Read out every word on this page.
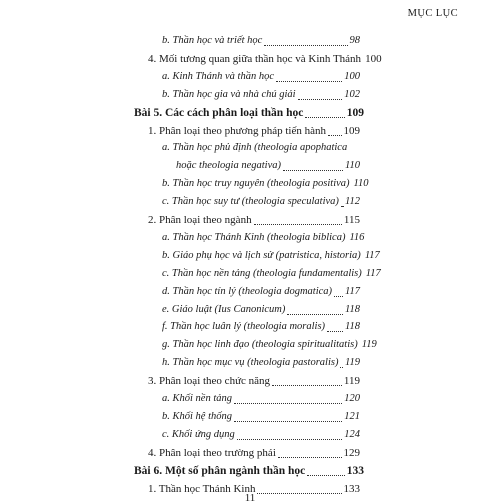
MỤC LỤC
b. Thần học và triết học	98
4. Mối tương quan giữa thần học và Kinh Thánh 100
a. Kinh Thánh và thần học	100
b. Thần học gia và nhà chú giải	102
Bài 5. Các cách phân loại thần học	109
1. Phân loại theo phương pháp tiến hành 109
a. Thần học phủ định (theologia apophatica
hoặc theologia negativa)	110
b. Thần học truy nguyên (theologia positiva) 110
c. Thần học suy tư (theologia speculativa) 112
2. Phân loại theo ngành	115
a. Thần học Thánh Kinh (theologia biblica) 116
b. Giáo phụ học và lịch sử (patristica, historia) 117
c. Thần học nền tảng (theologia fundamentalis) 117
d. Thần học tín lý (theologia dogmatica) 117
e. Giáo luật (Ius Canonicum)	118
f. Thần học luân lý (theologia moralis) 118
g. Thần học linh đạo (theologia spiritualitatis) 119
h. Thần học mục vụ (theologia pastoralis) 119
3. Phân loại theo chức năng	119
a. Khối nền tảng	120
b. Khối hệ thống	121
c. Khối ứng dụng	124
4. Phân loại theo trường phái	129
Bài 6. Một số phân ngành thần học	133
1. Thần học Thánh Kinh	133
11
